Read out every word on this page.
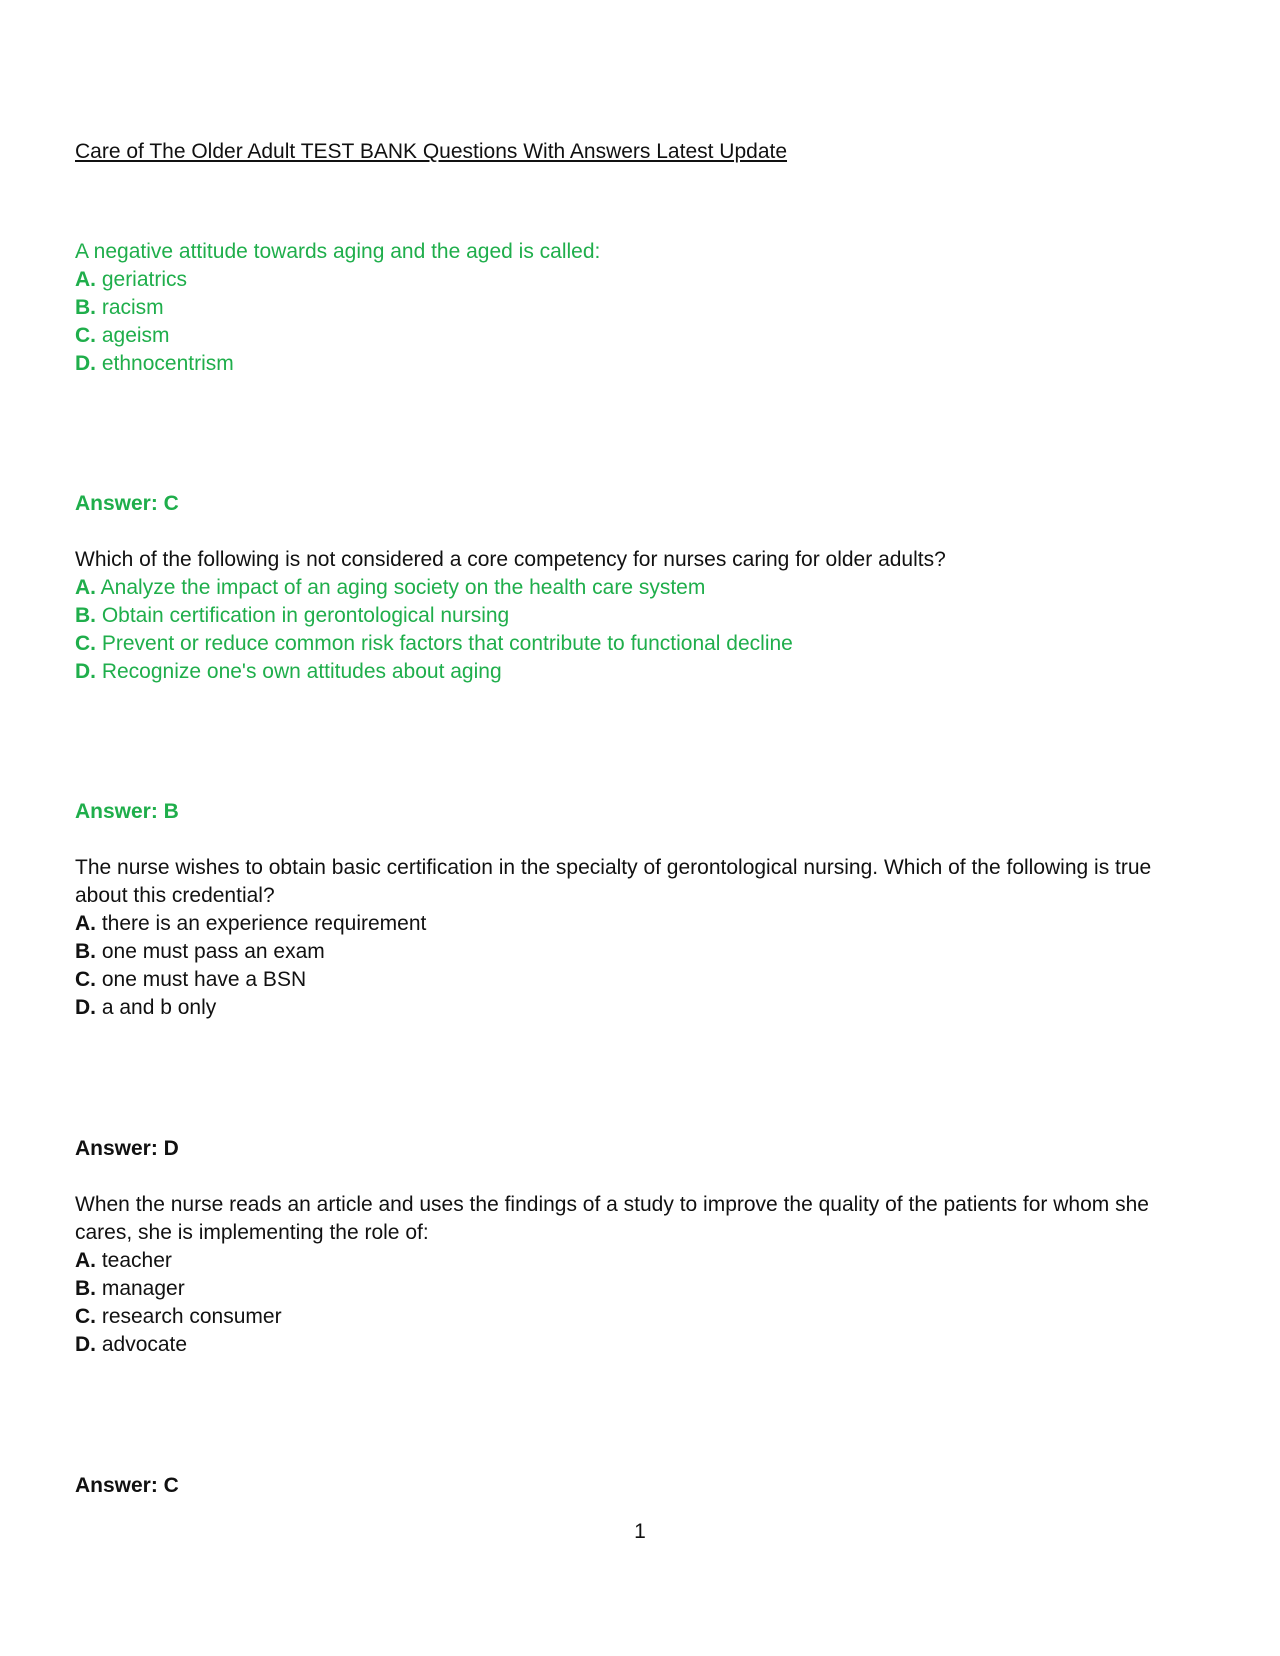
Care of The Older Adult TEST BANK Questions With Answers Latest Update
A negative attitude towards aging and the aged is called:
A. geriatrics
B. racism
C. ageism
D. ethnocentrism
Answer: C
Which of the following is not considered a core competency for nurses caring for older adults?
A. Analyze the impact of an aging society on the health care system
B. Obtain certification in gerontological nursing
C. Prevent or reduce common risk factors that contribute to functional decline
D. Recognize one's own attitudes about aging
Answer: B
The nurse wishes to obtain basic certification in the specialty of gerontological nursing. Which of the following is true about this credential?
A. there is an experience requirement
B. one must pass an exam
C. one must have a BSN
D. a and b only
Answer: D
When the nurse reads an article and uses the findings of a study to improve the quality of the patients for whom she cares, she is implementing the role of:
A. teacher
B. manager
C. research consumer
D. advocate
Answer: C
1
